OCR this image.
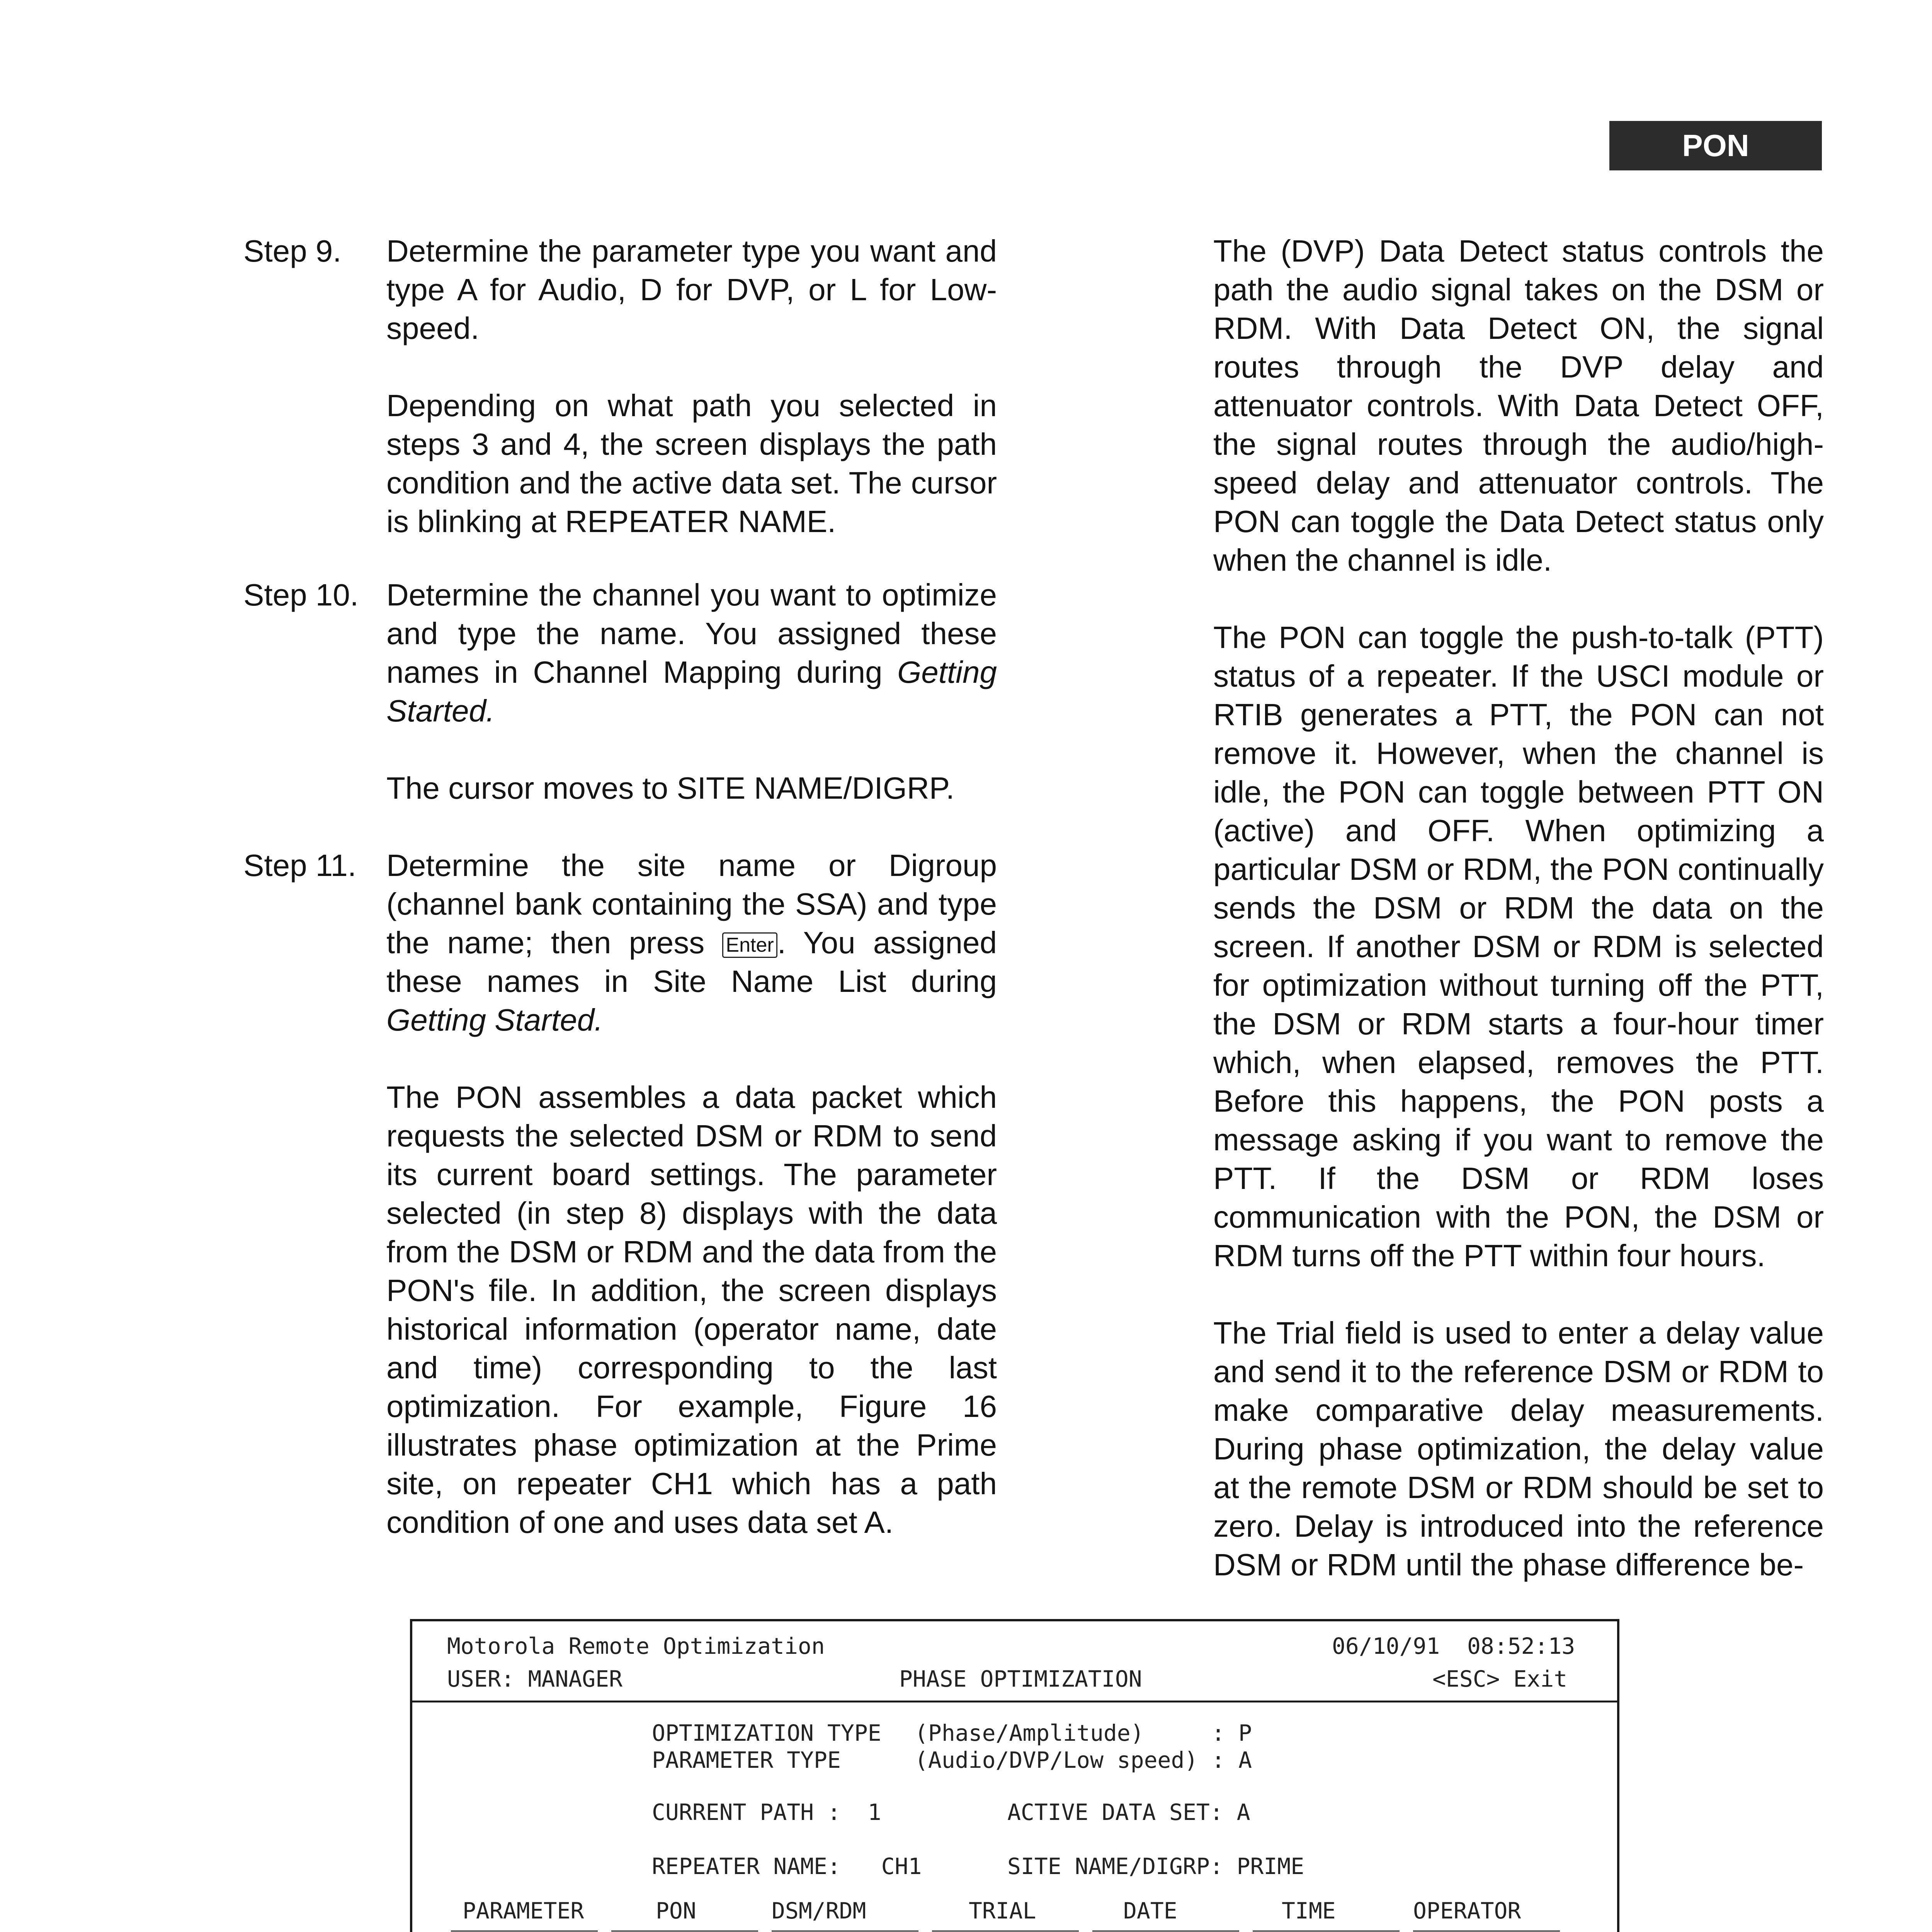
PON
Step 9. Determine the parameter type you want and type A for Audio, D for DVP, or L for Low-speed.

Depending on what path you selected in steps 3 and 4, the screen displays the path condition and the active data set. The cursor is blinking at REPEATER NAME.

Step 10. Determine the channel you want to optimize and type the name. You assigned these names in Channel Mapping during Getting Started.

The cursor moves to SITE NAME/DIGRP.

Step 11. Determine the site name or Digroup (channel bank containing the SSA) and type the name; then press Enter . You assigned these names in Site Name List during Getting Started.

The PON assembles a data packet which requests the selected DSM or RDM to send its current board settings. The parameter selected (in step 8) displays with the data from the DSM or RDM and the data from the PON's file. In addition, the screen displays historical information (operator name, date and time) corresponding to the last optimization. For example, Figure 16 illustrates phase optimization at the Prime site, on repeater CH1 which has a path condition of one and uses data set A.

The (DVP) Data Detect status controls the path the audio signal takes on the DSM or RDM. With Data Detect ON, the signal routes through the DVP delay and attenuator controls. With Data Detect OFF, the signal routes through the audio/high-speed delay and attenuator controls. The PON can toggle the Data Detect status only when the channel is idle.

The PON can toggle the push-to-talk (PTT) status of a repeater. If the USCI module or RTIB generates a PTT, the PON can not remove it. However, when the channel is idle, the PON can toggle between PTT ON (active) and OFF. When optimizing a particular DSM or RDM, the PON continually sends the DSM or RDM the data on the screen. If another DSM or RDM is selected for optimization without turning off the PTT, the DSM or RDM starts a four-hour timer which, when elapsed, removes the PTT. Before this happens, the PON posts a message asking if you want to remove the PTT. If the DSM or RDM loses communication with the PON, the DSM or RDM turns off the PTT within four hours.

The Trial field is used to enter a delay value and send it to the reference DSM or RDM to make comparative delay measurements. During phase optimization, the delay value at the remote DSM or RDM should be set to zero. Delay is introduced into the reference DSM or RDM until the phase difference be-

Motorola Remote Optimization	06/10/91 08:52:13
USER: MANAGER	PHASE OPTIMIZATION	<ESC> Exit
OPTIMIZATION TYPE (Phase/Amplitude)     : P
PARAMETER TYPE	(Audio/DVP/Low speed) : A
CURRENT PATH :  1	ACTIVE DATA SET: A
REPEATER NAME:   CH1	SITE NAME/DIGRP: PRIME
PARAMETER	PON	DSM/RDM	TRIAL	DATE	TIME	OPERATOR
